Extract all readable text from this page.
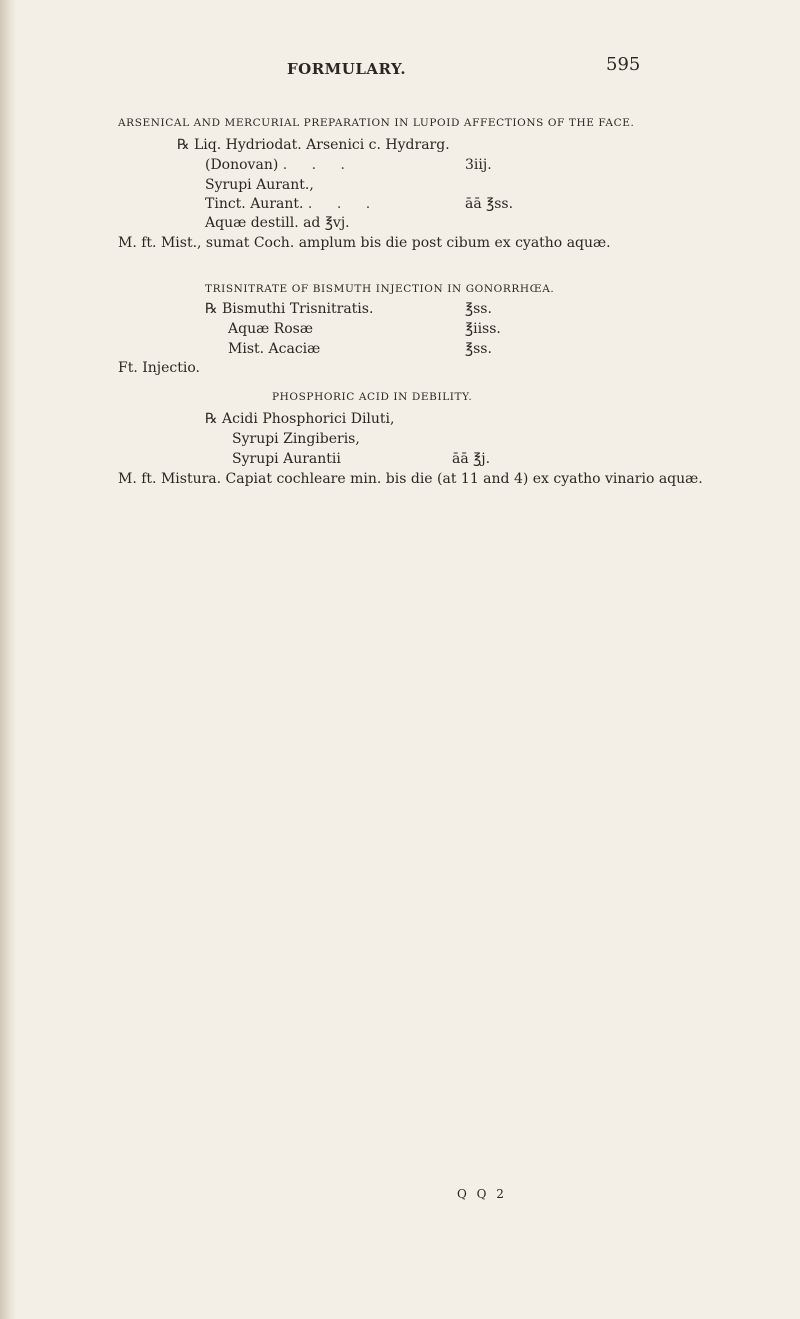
FORMULARY.	595
ARSENICAL AND MERCURIAL PREPARATION IN LUPOID AFFECTIONS OF THE FACE.
℞ Liq. Hydriodat. Arsenici c. Hydrarg.
(Donovan) . . .	3iij.
Syrupi Aurant.,
Tinct. Aurant. . . .	āā ℥ss.
Aquæ destill. ad ℥vj.
M. ft. Mist., sumat Coch. amplum bis die post cibum ex cyatho aquæ.
TRISNITRATE OF BISMUTH INJECTION IN GONORRHŒA.
℞ Bismuthi Trisnitratis.	℥ss.
Aquæ Rosæ	℥iiss.
Mist. Acaciæ	℥ss.
Ft. Injectio.
PHOSPHORIC ACID IN DEBILITY.
℞ Acidi Phosphorici Diluti,
Syrupi Zingiberis,
Syrupi Aurantii	āā ℥j.
M. ft. Mistura. Capiat cochleare min. bis die (at 11 and 4) ex cyatho vinario aquæ.
Q Q 2
